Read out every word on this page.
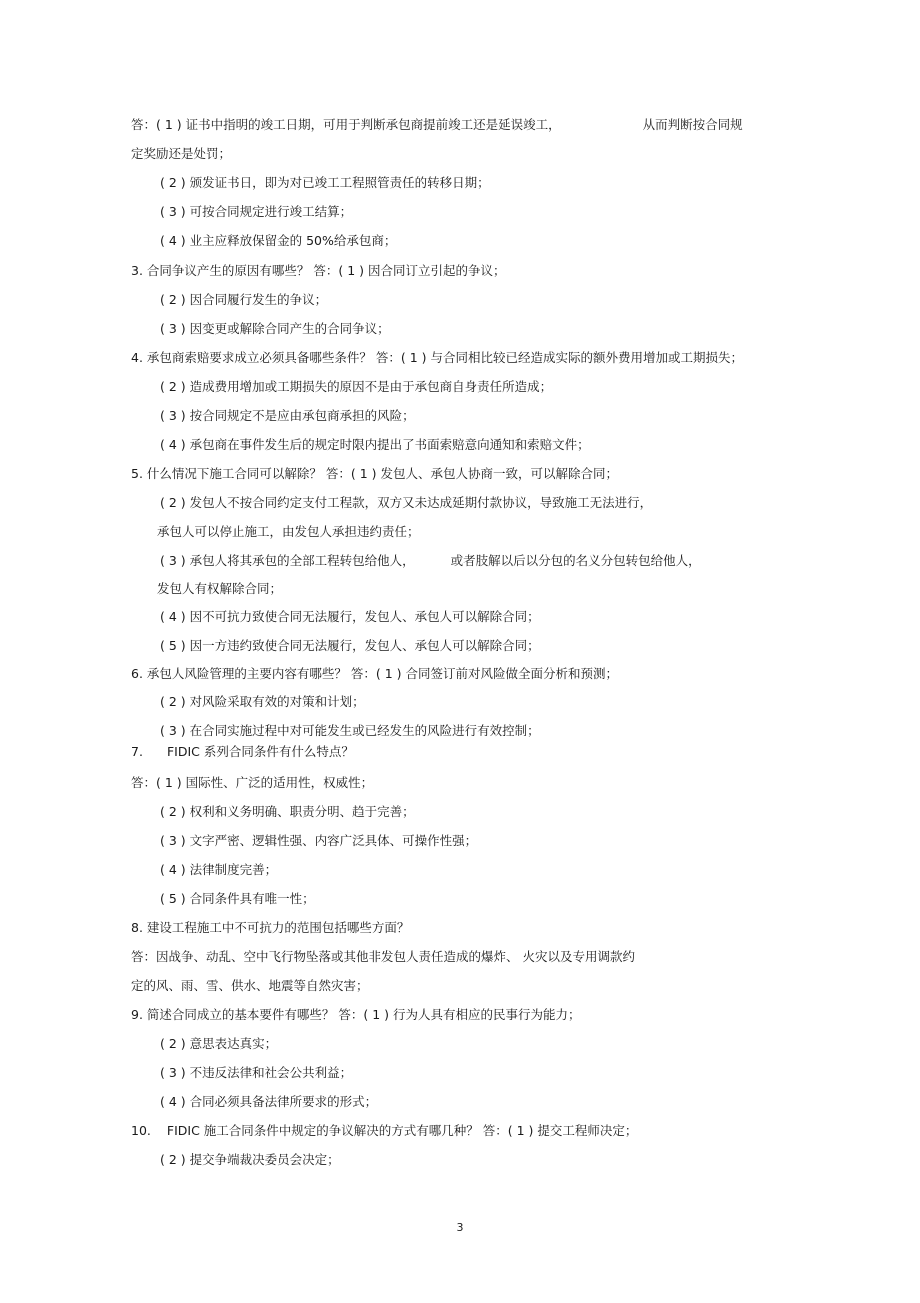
答：( 1 ) 证书中指明的竣工日期，可用于判断承包商提前竣工还是延误竣工，	从而判断按合同规
定奖励还是处罚；
( 2 ) 颁发证书日，即为对已竣工工程照管责任的转移日期；
( 3 ) 可按合同规定进行竣工结算；
( 4 ) 业主应释放保留金的 50%给承包商；
3. 合同争议产生的原因有哪些？ 答：( 1 ) 因合同订立引起的争议；
( 2 ) 因合同履行发生的争议；
( 3 ) 因变更或解除合同产生的合同争议；
4. 承包商索赔要求成立必须具备哪些条件？ 答：( 1 ) 与合同相比较已经造成实际的额外费用增加或工期损失；
( 2 ) 造成费用增加或工期损失的原因不是由于承包商自身责任所造成；
( 3 ) 按合同规定不是应由承包商承担的风险；
( 4 ) 承包商在事件发生后的规定时限内提出了书面索赔意向通知和索赔文件；
5. 什么情况下施工合同可以解除？ 答：( 1 ) 发包人、承包人协商一致，可以解除合同；
( 2 ) 发包人不按合同约定支付工程款，双方又未达成延期付款协议，导致施工无法进行，
承包人可以停止施工，由发包人承担违约责任；
( 3 ) 承包人将其承包的全部工程转包给他人，	或者肢解以后以分包的名义分包转包给他人，
发包人有权解除合同；
( 4 ) 因不可抗力致使合同无法履行，发包人、承包人可以解除合同；
( 5 ) 因一方违约致使合同无法履行，发包人、承包人可以解除合同；
6. 承包人风险管理的主要内容有哪些？ 答：( 1 ) 合同签订前对风险做全面分析和预测；
( 2 ) 对风险采取有效的对策和计划；
( 3 ) 在合同实施过程中对可能发生或已经发生的风险进行有效控制；
7. FIDIC 系列合同条件有什么特点？
答：( 1 ) 国际性、广泛的适用性，权威性；
( 2 ) 权利和义务明确、职责分明、趋于完善；
( 3 ) 文字严密、逻辑性强、内容广泛具体、可操作性强；
( 4 ) 法律制度完善；
( 5 ) 合同条件具有唯一性；
8. 建设工程施工中不可抗力的范围包括哪些方面？
答：因战争、动乱、空中飞行物坠落或其他非发包人责任造成的爆炸、 火灾以及专用调款约
定的风、雨、雪、供水、地震等自然灾害；
9. 简述合同成立的基本要件有哪些？ 答：( 1 ) 行为人具有相应的民事行为能力；
( 2 ) 意思表达真实；
( 3 ) 不违反法律和社会公共利益；
( 4 ) 合同必须具备法律所要求的形式；
10. FIDIC 施工合同条件中规定的争议解决的方式有哪几种？ 答：( 1 ) 提交工程师决定；
( 2 ) 提交争端裁决委员会决定；
3
